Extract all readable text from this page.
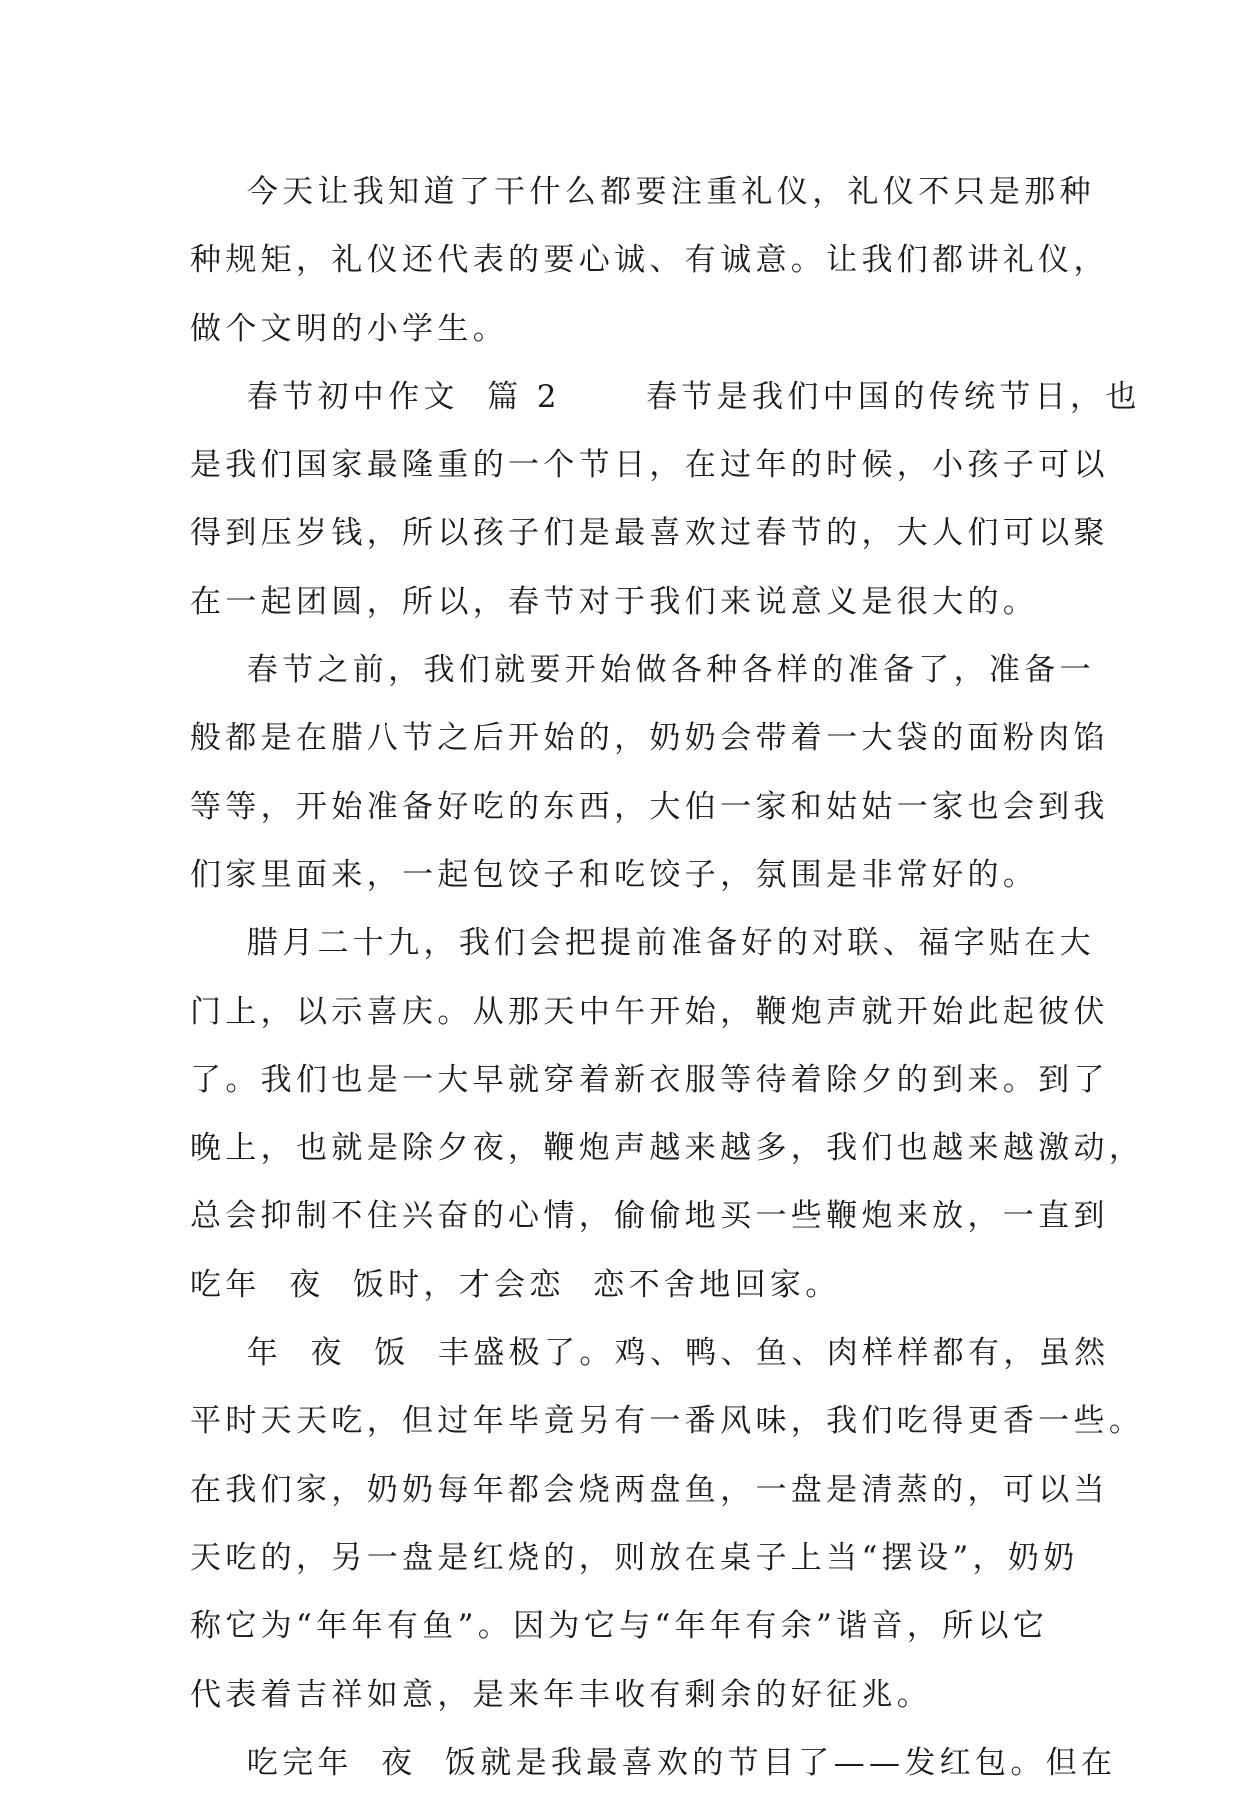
今天让我知道了干什么都要注重礼仪，礼仪不只是那种
种规矩，礼仪还代表的要心诚、有诚意。让我们都讲礼仪，
做个文明的小学生。
春节初中作文  篇 2      春节是我们中国的传统节日，也
是我们国家最隆重的一个节日，在过年的时候，小孩子可以
得到压岁钱，所以孩子们是最喜欢过春节的，大人们可以聚
在一起团圆，所以，春节对于我们来说意义是很大的。
春节之前，我们就要开始做各种各样的准备了，准备一
般都是在腊八节之后开始的，奶奶会带着一大袋的面粉肉馅
等等，开始准备好吃的东西，大伯一家和姑姑一家也会到我
们家里面来，一起包饺子和吃饺子，氛围是非常好的。
腊月二十九，我们会把提前准备好的对联、福字贴在大
门上，以示喜庆。从那天中午开始，鞭炮声就开始此起彼伏
了。我们也是一大早就穿着新衣服等待着除夕的到来。到了
晚上，也就是除夕夜，鞭炮声越来越多，我们也越来越激动，
总会抑制不住兴奋的心情，偷偷地买一些鞭炮来放，一直到
吃年  夜  饭时，才会恋  恋不舍地回家。
年  夜  饭  丰盛极了。鸡、鸭、鱼、肉样样都有，虽然
平时天天吃，但过年毕竟另有一番风味，我们吃得更香一些。
在我们家，奶奶每年都会烧两盘鱼，一盘是清蒸的，可以当
天吃的，另一盘是红烧的，则放在桌子上当“摆设”，奶奶
称它为“年年有鱼”。因为它与“年年有余”谐音，所以它
代表着吉祥如意，是来年丰收有剩余的好征兆。
吃完年  夜  饭就是我最喜欢的节目了——发红包。但在
